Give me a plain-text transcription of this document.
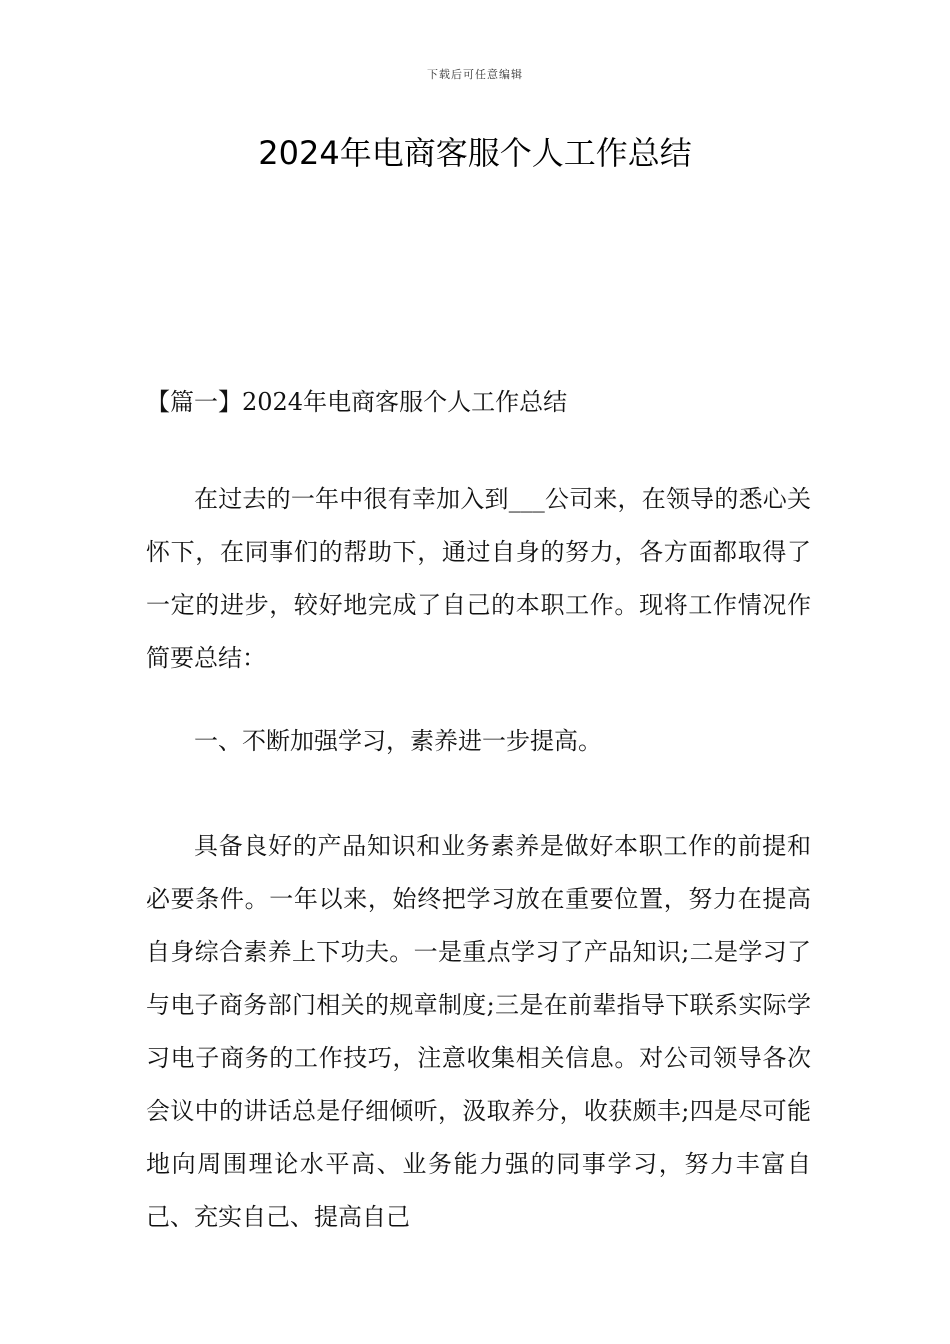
下载后可任意编辑
2024年电商客服个人工作总结

【篇一】2024年电商客服个人工作总结

在过去的一年中很有幸加入到___公司来，在领导的悉心关怀下，在同事们的帮助下，通过自身的努力，各方面都取得了一定的进步，较好地完成了自己的本职工作。现将工作情况作简要总结：

一、不断加强学习，素养进一步提高。

具备良好的产品知识和业务素养是做好本职工作的前提和必要条件。一年以来，始终把学习放在重要位置，努力在提高自身综合素养上下功夫。一是重点学习了产品知识;二是学习了与电子商务部门相关的规章制度;三是在前辈指导下联系实际学习电子商务的工作技巧，注意收集相关信息。对公司领导各次会议中的讲话总是仔细倾听，汲取养分，收获颇丰;四是尽可能地向周围理论水平高、业务能力强的同事学习，努力丰富自己、充实自己、提高自己
